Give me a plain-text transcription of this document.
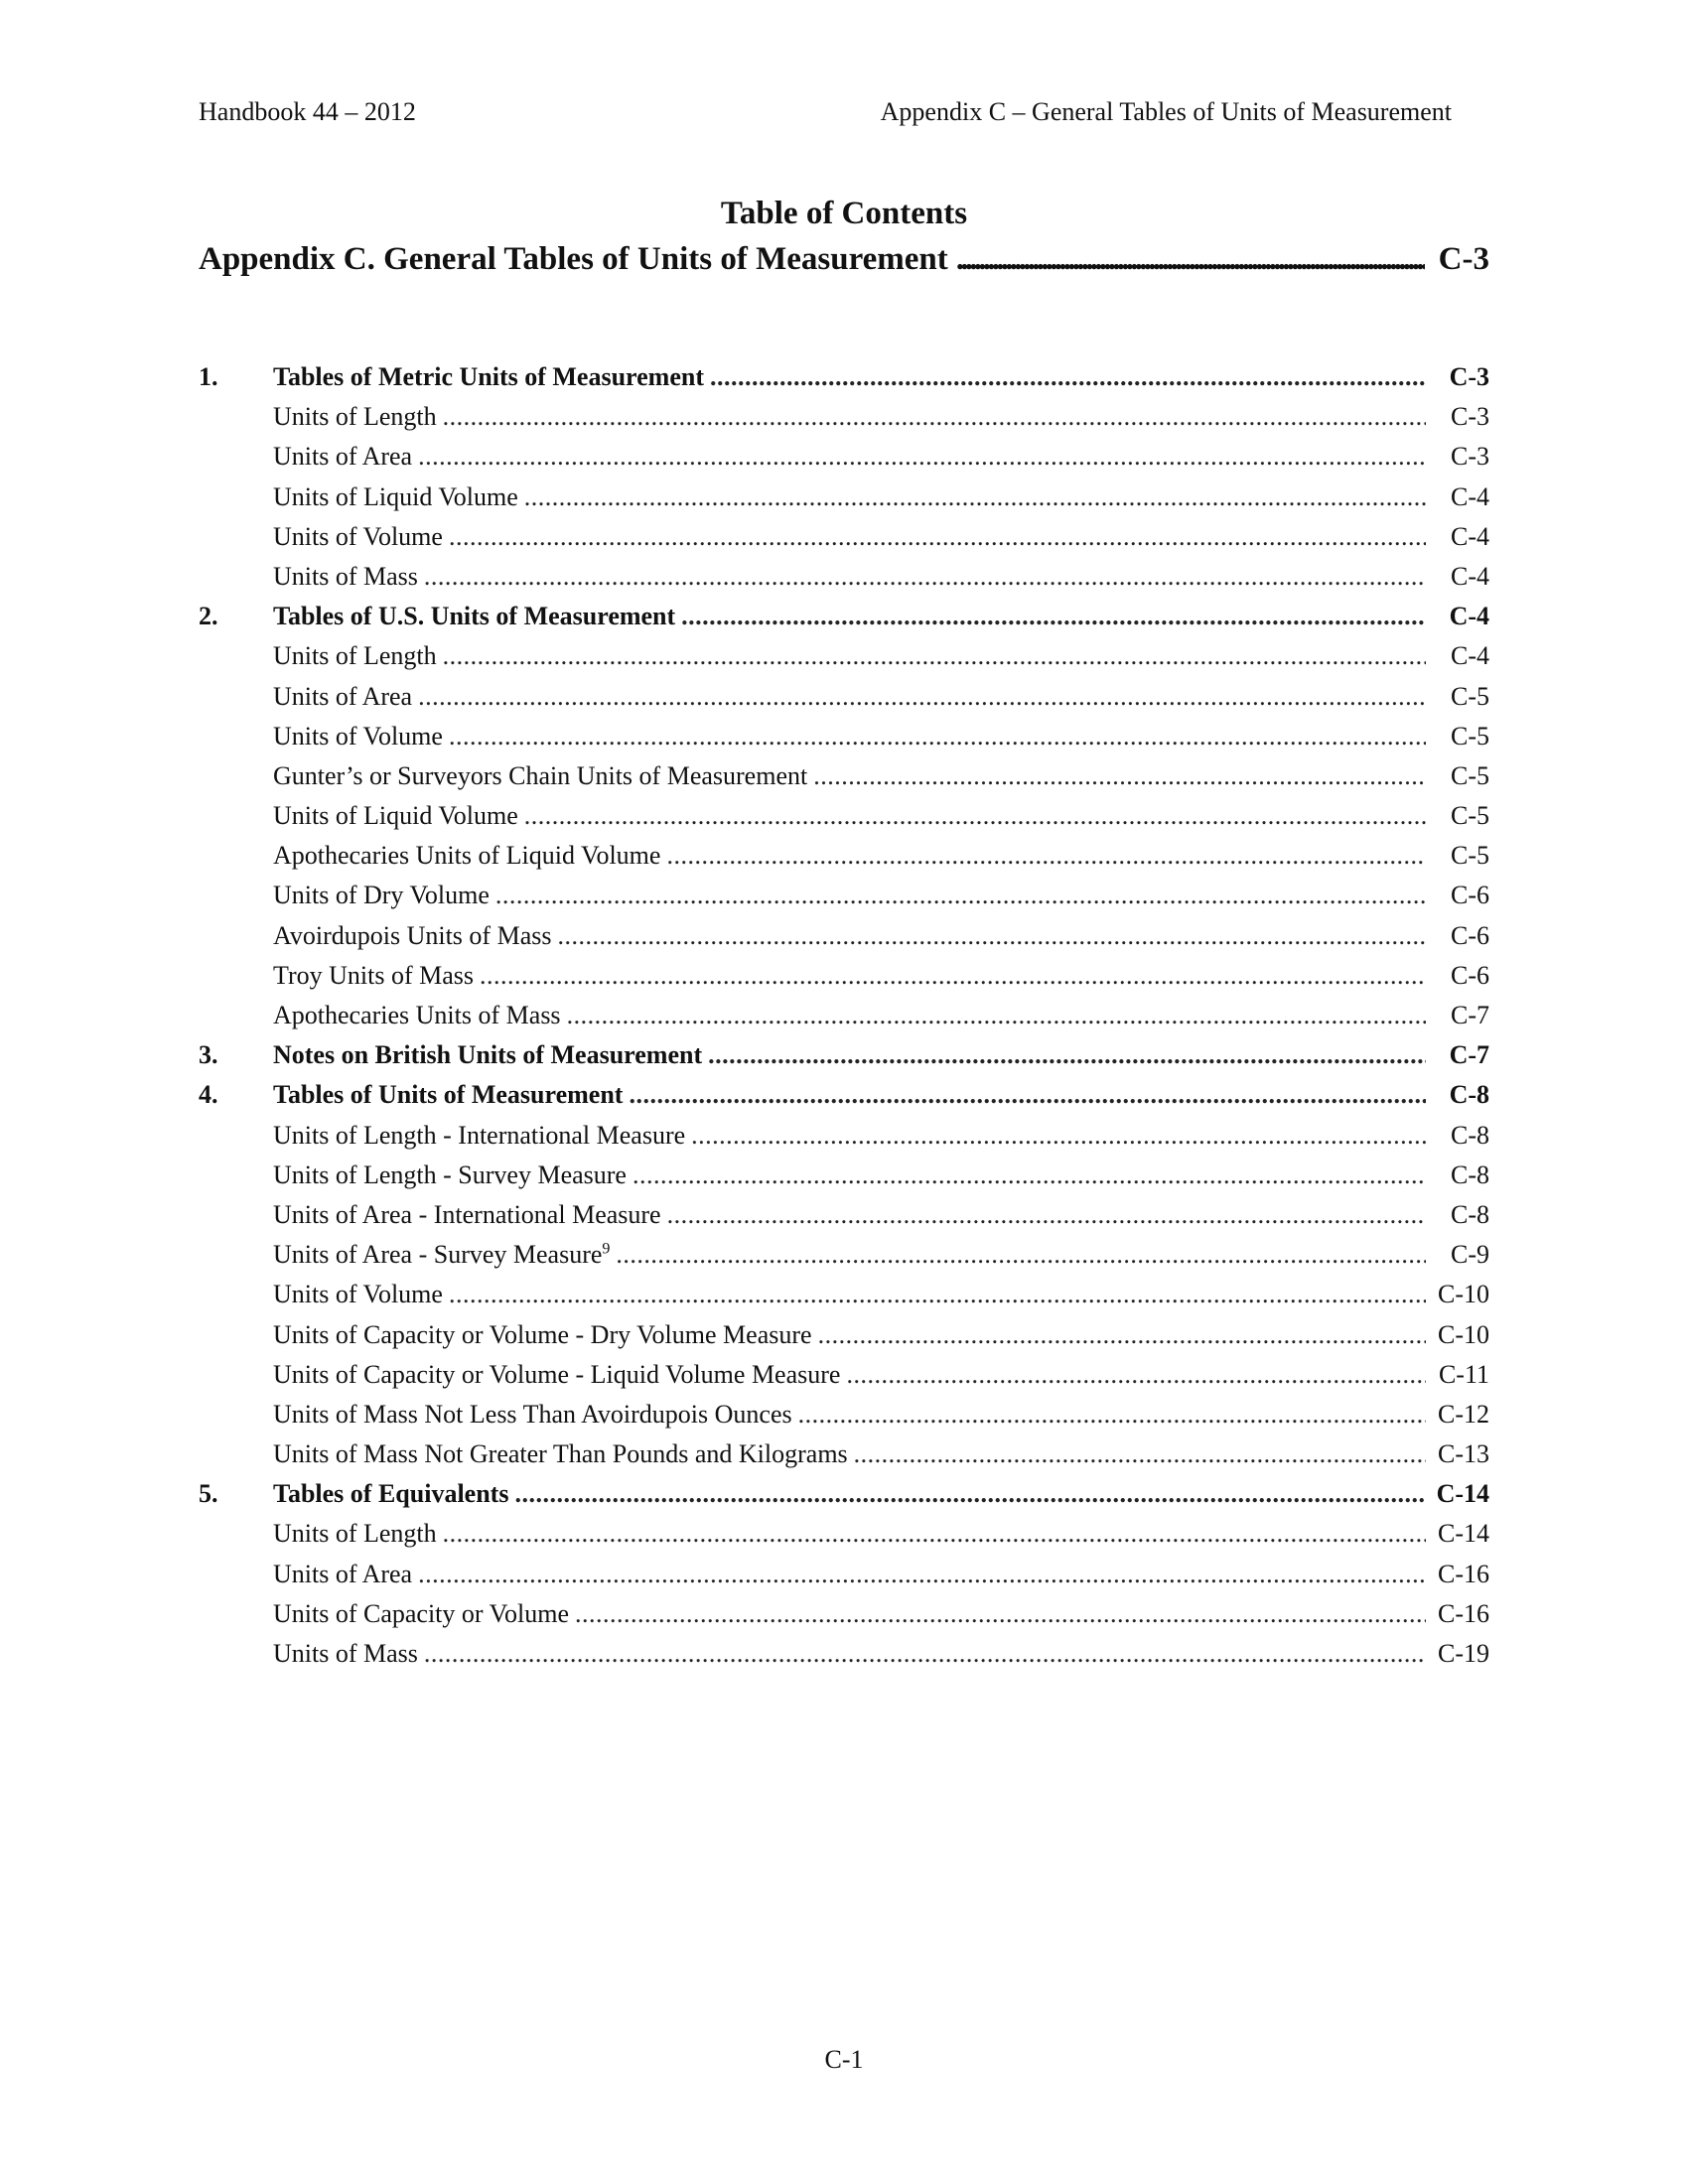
Handbook 44 – 2012	Appendix C – General Tables of Units of Measurement
Table of Contents
Appendix C. General Tables of Units of Measurement . . .	C-3
1.	Tables of Metric Units of Measurement .....	C-3
Units of Length .....	C-3
Units of Area .....	C-3
Units of Liquid Volume .....	C-4
Units of Volume .....	C-4
Units of Mass .....	C-4
2.	Tables of U.S. Units of Measurement .....	C-4
Units of Length .....	C-4
Units of Area .....	C-5
Units of Volume .....	C-5
Gunter’s or Surveyors Chain Units of Measurement .....	C-5
Units of Liquid Volume .....	C-5
Apothecaries Units of Liquid Volume .....	C-5
Units of Dry Volume .....	C-6
Avoirdupois Units of Mass .....	C-6
Troy Units of Mass .....	C-6
Apothecaries Units of Mass .....	C-7
3.	Notes on British Units of Measurement .....	C-7
4.	Tables of Units of Measurement .....	C-8
Units of Length - International Measure .....	C-8
Units of Length - Survey Measure .....	C-8
Units of Area - International Measure .....	C-8
Units of Area - Survey Measure$^9$ .....	C-9
Units of Volume .....	C-10
Units of Capacity or Volume - Dry Volume Measure .....	C-10
Units of Capacity or Volume - Liquid Volume Measure .....	C-11
Units of Mass Not Less Than Avoirdupois Ounces .....	C-12
Units of Mass Not Greater Than Pounds and Kilograms .....	C-13
5.	Tables of Equivalents .....	C-14
Units of Length .....	C-14
Units of Area .....	C-16
Units of Capacity or Volume .....	C-16
Units of Mass .....	C-19
C-1
